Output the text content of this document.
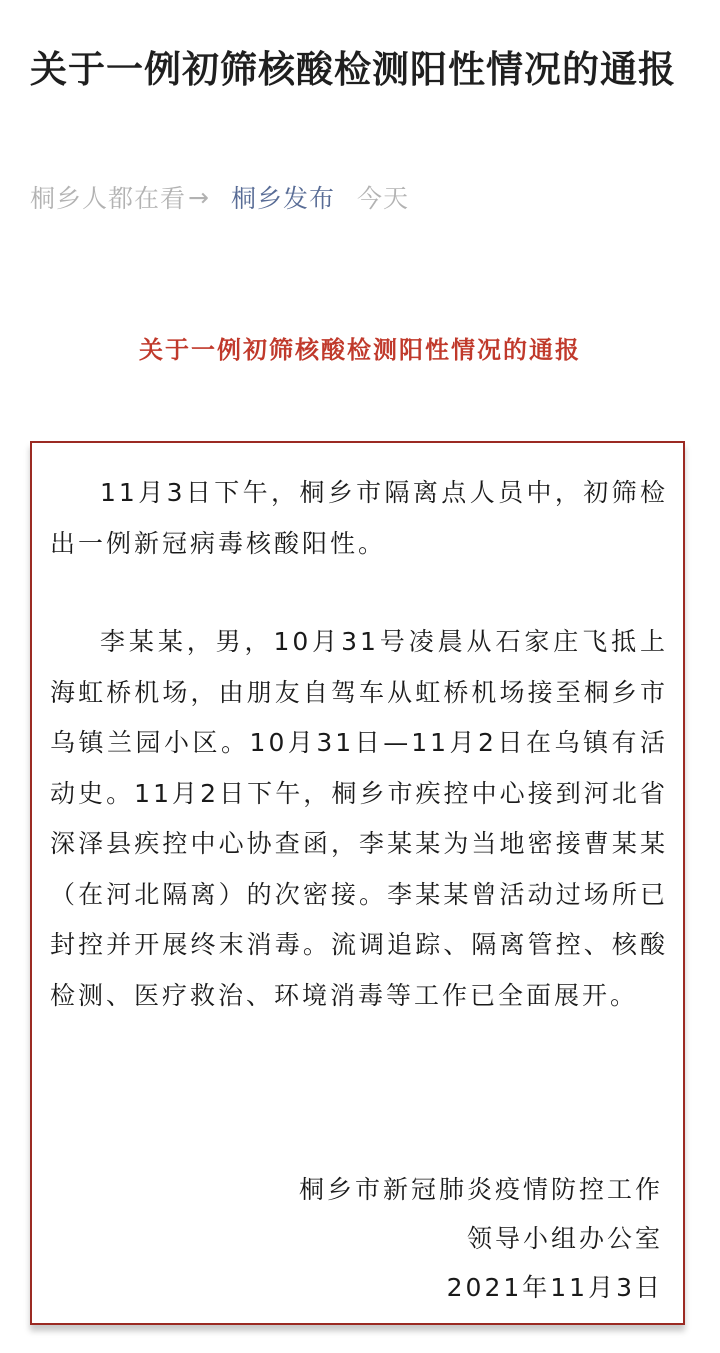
关于一例初筛核酸检测阳性情况的通报
桐乡人都在看 → 桐乡发布 今天
关于一例初筛核酸检测阳性情况的通报

11月3日下午，桐乡市隔离点人员中，初筛检出一例新冠病毒核酸阳性。

李某某，男，10月31号凌晨从石家庄飞抵上海虹桥机场，由朋友自驾车从虹桥机场接至桐乡市乌镇兰园小区。10月31日—11月2日在乌镇有活动史。11月2日下午，桐乡市疾控中心接到河北省深泽县疾控中心协查函，李某某为当地密接曹某某（在河北隔离）的次密接。李某某曾活动过场所已封控并开展终末消毒。流调追踪、隔离管控、核酸检测、医疗救治、环境消毒等工作已全面展开。

桐乡市新冠肺炎疫情防控工作

领导小组办公室

2021年11月3日
